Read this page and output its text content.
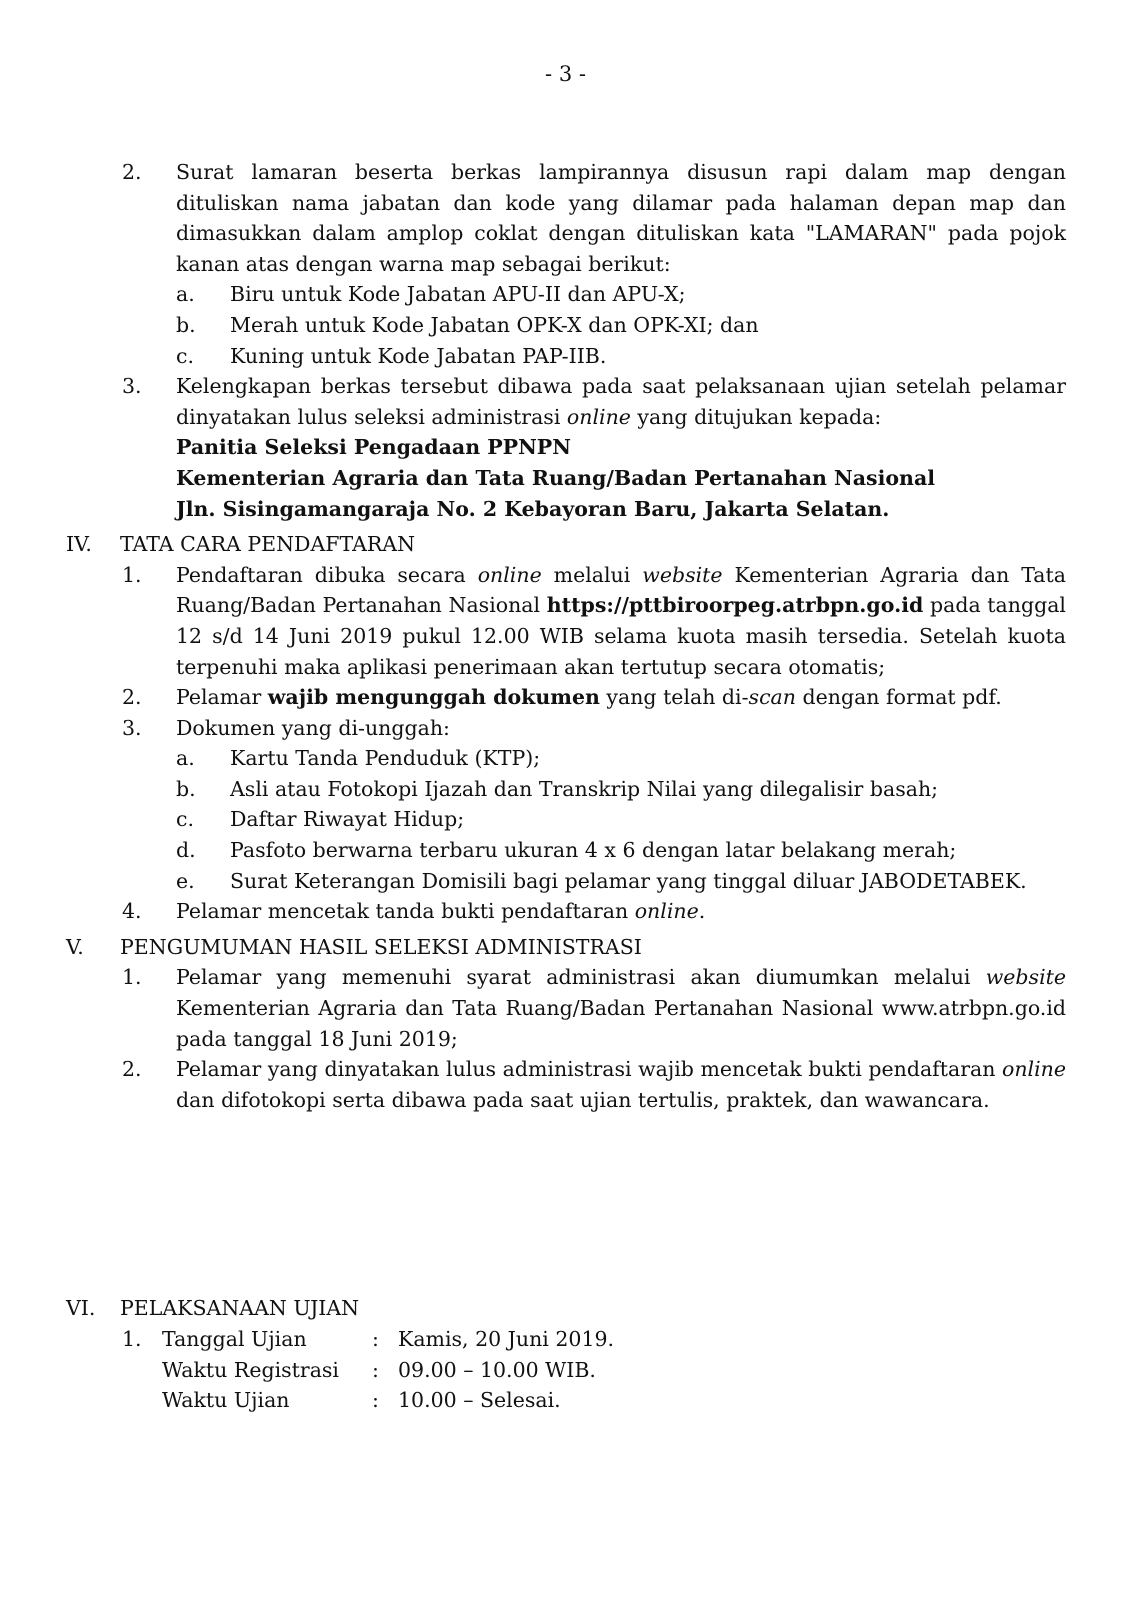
- 3 -
2.	Surat lamaran beserta berkas lampirannya disusun rapi dalam map dengan dituliskan nama jabatan dan kode yang dilamar pada halaman depan map dan dimasukkan dalam amplop coklat dengan dituliskan kata "LAMARAN" pada pojok kanan atas dengan warna map sebagai berikut:
a.	Biru untuk Kode Jabatan APU-II dan APU-X;
b.	Merah untuk Kode Jabatan OPK-X dan OPK-XI; dan
c.	Kuning untuk Kode Jabatan PAP-IIB.
3.	Kelengkapan berkas tersebut dibawa pada saat pelaksanaan ujian setelah pelamar dinyatakan lulus seleksi administrasi online yang ditujukan kepada:
Panitia Seleksi Pengadaan PPNPN
Kementerian Agraria dan Tata Ruang/Badan Pertanahan Nasional
Jln. Sisingamangaraja No. 2 Kebayoran Baru, Jakarta Selatan.
IV.	TATA CARA PENDAFTARAN
1.	Pendaftaran dibuka secara online melalui website Kementerian Agraria dan Tata Ruang/Badan Pertanahan Nasional https://pttbiroorpeg.atrbpn.go.id pada tanggal 12 s/d 14 Juni 2019 pukul 12.00 WIB selama kuota masih tersedia. Setelah kuota terpenuhi maka aplikasi penerimaan akan tertutup secara otomatis;
2.	Pelamar wajib mengunggah dokumen yang telah di-scan dengan format pdf.
3.	Dokumen yang di-unggah:
a.	Kartu Tanda Penduduk (KTP);
b.	Asli atau Fotokopi Ijazah dan Transkrip Nilai yang dilegalisir basah;
c.	Daftar Riwayat Hidup;
d.	Pasfoto berwarna terbaru ukuran 4 x 6 dengan latar belakang merah;
e.	Surat Keterangan Domisili bagi pelamar yang tinggal diluar JABODETABEK.
4.	Pelamar mencetak tanda bukti pendaftaran online.
V.	PENGUMUMAN HASIL SELEKSI ADMINISTRASI
1.	Pelamar yang memenuhi syarat administrasi akan diumumkan melalui website Kementerian Agraria dan Tata Ruang/Badan Pertanahan Nasional www.atrbpn.go.id pada tanggal 18 Juni 2019;
2.	Pelamar yang dinyatakan lulus administrasi wajib mencetak bukti pendaftaran online dan difotokopi serta dibawa pada saat ujian tertulis, praktek, dan wawancara.
VI.	PELAKSANAAN UJIAN
1. Tanggal Ujian	: Kamis, 20 Juni 2019.
Waktu Registrasi	: 09.00 – 10.00 WIB.
Waktu Ujian	: 10.00 – Selesai.
